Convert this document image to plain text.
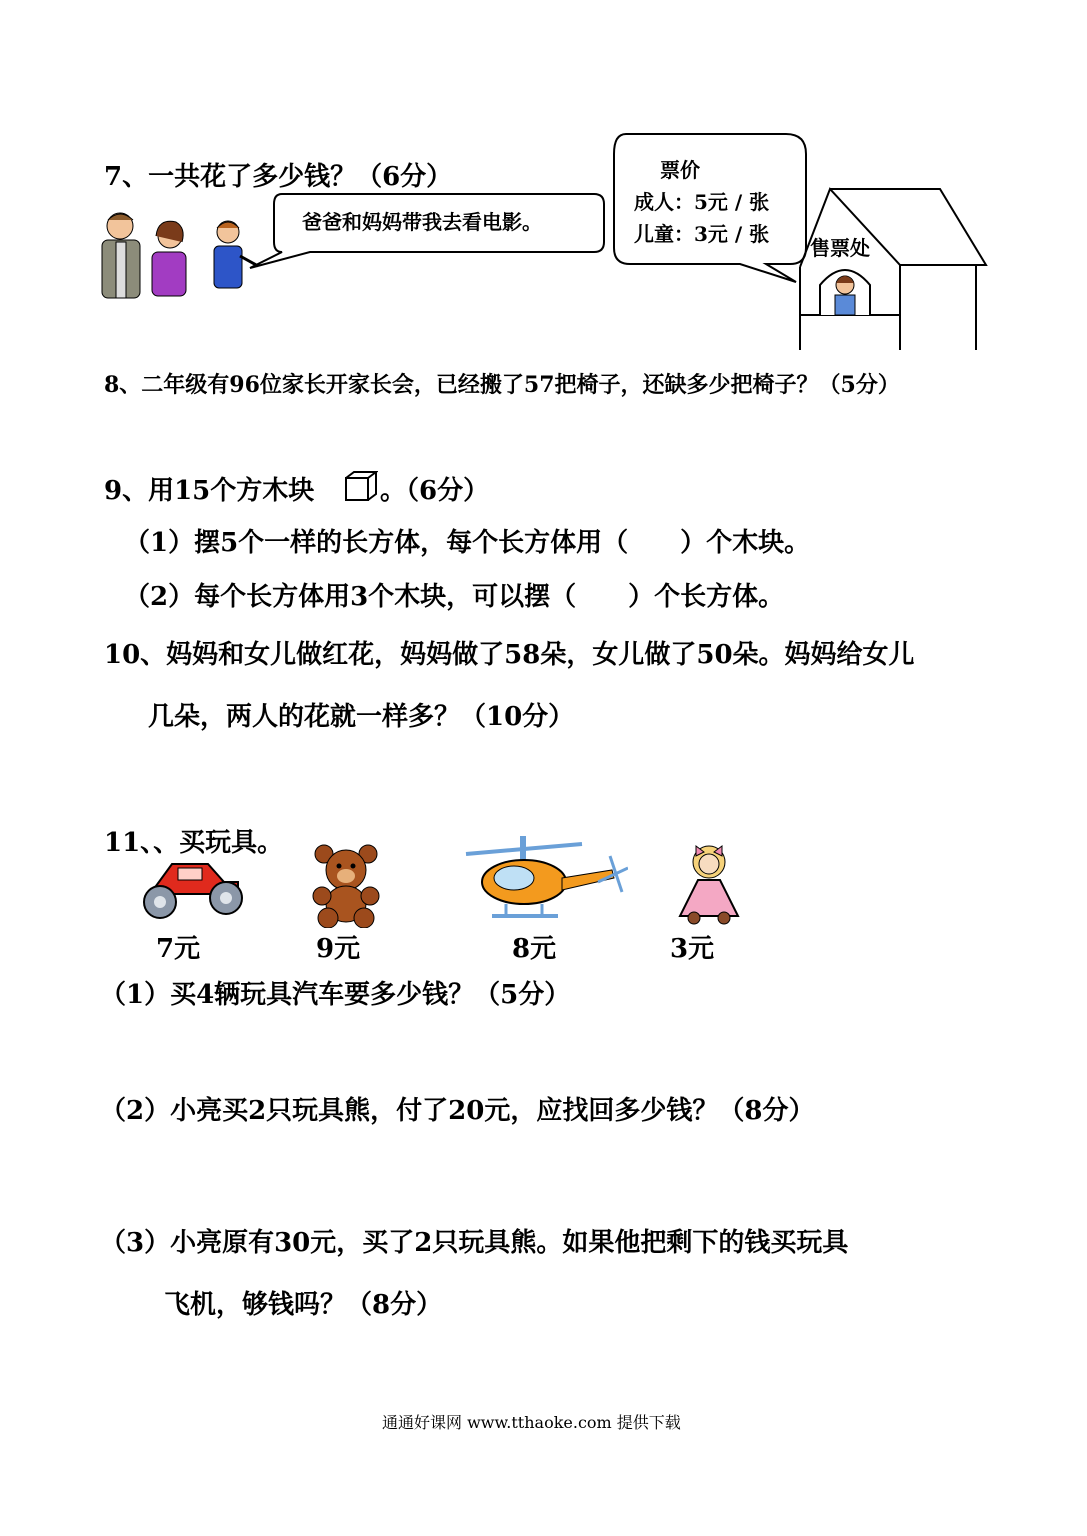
7、一共花了多少钱？（6分）
爸爸和妈妈带我去看电影。
票价
成人：5元 / 张
儿童：3元 / 张
售票处
8、二年级有96位家长开家长会，已经搬了57把椅子，还缺多少把椅子？（5分）
9、用15个方木块	。（6分）
（1）摆5个一样的长方体，每个长方体用（　　）个木块。
（2）每个长方体用3个木块，可以摆（　　）个长方体。
10、妈妈和女儿做红花，妈妈做了58朵，女儿做了50朵。妈妈给女儿
几朵，两人的花就一样多？（10分）
11、、买玩具。
7元	9元	8元	3元
（1）买4辆玩具汽车要多少钱？（5分）
（2）小亮买2只玩具熊，付了20元，应找回多少钱？（8分）
（3）小亮原有30元，买了2只玩具熊。如果他把剩下的钱买玩具
飞机，够钱吗？（8分）
通通好课网 www.tthaoke.com 提供下载
